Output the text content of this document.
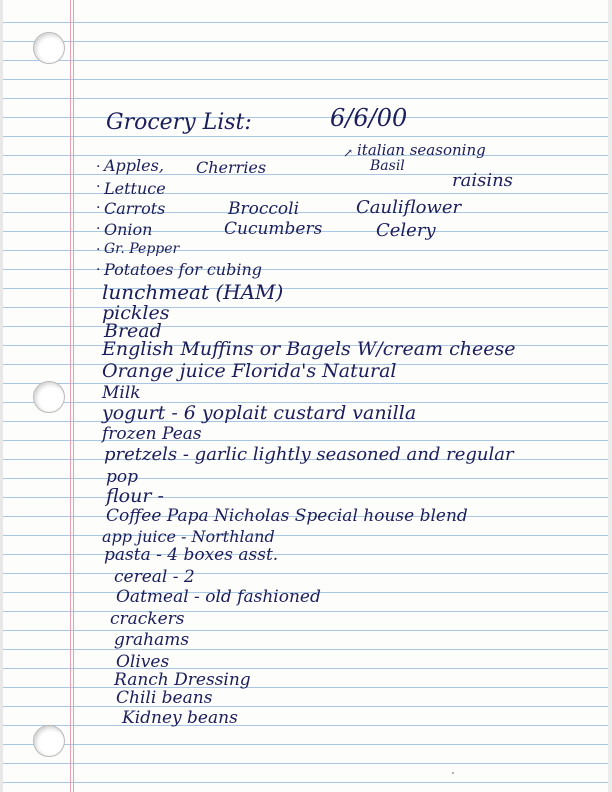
Grocery List:	6/6/00
↗ italian seasoning
Basil
raisins
· Apples, Cherries
· Lettuce
· Carrots	Broccoli	Cauliflower
· Onion	Cucumbers	Celery
· Gr. Pepper
· Potatoes for cubing
lunchmeat (HAM)
pickles
Bread
English Muffins or Bagels W/cream cheese
Orange juice Florida's Natural
Milk
yogurt - 6 yoplait custard vanilla
frozen Peas
pretzels - garlic lightly seasoned and regular
pop
flour -
Coffee Papa Nicholas Special house blend
app juice - Northland
pasta - 4 boxes asst.
cereal - 2
Oatmeal - old fashioned
crackers
grahams
Olives
Ranch Dressing
Chili beans
Kidney beans
